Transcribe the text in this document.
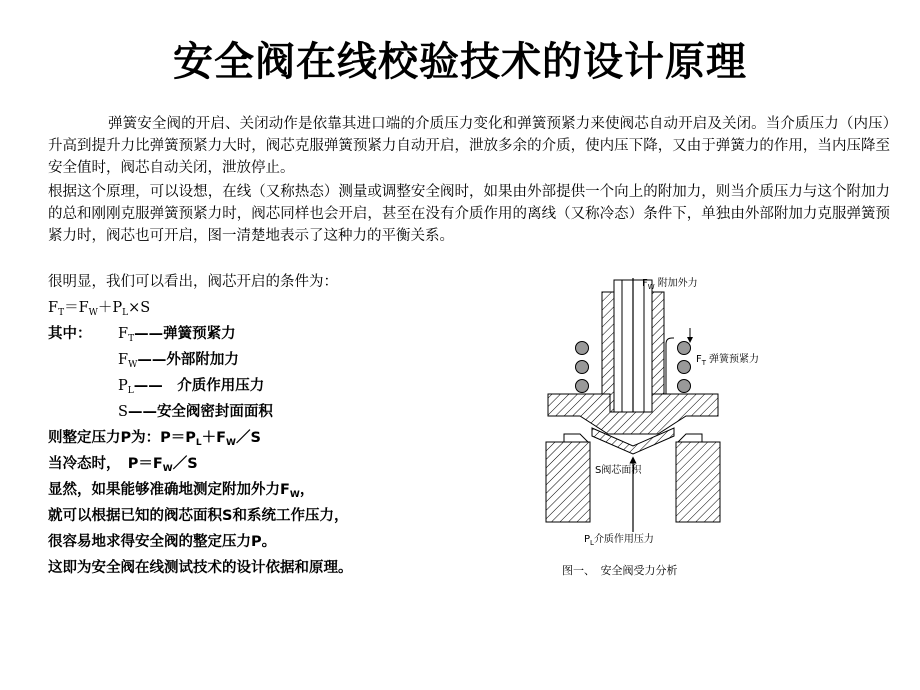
安全阀在线校验技术的设计原理

弹簧安全阀的开启、关闭动作是依靠其进口端的介质压力变化和弹簧预紧力来使阀芯自动开启及关闭。当介质压力（内压）升高到提升力比弹簧预紧力大时，阀芯克服弹簧预紧力自动开启，泄放多余的介质，使内压下降，又由于弹簧力的作用，当内压降至安全值时，阀芯自动关闭，泄放停止。

根据这个原理，可以设想，在线（又称热态）测量或调整安全阀时，如果由外部提供一个向上的附加力，则当介质压力与这个附加力的总和刚刚克服弹簧预紧力时，阀芯同样也会开启，甚至在没有介质作用的离线（又称冷态）条件下，单独由外部附加力克服弹簧预紧力时，阀芯也可开启，图一清楚地表示了这种力的平衡关系。

很明显，我们可以看出，阀芯开启的条件为：

$F_T=F_W+P_L\times S$

其中： $F_T——$弹簧预紧力

$F_W——$外部附加力

$P_L——$　介质作用压力

S——安全阀密封面面积

则整定压力P为：$P=P_L+F_W/S$

当冷态时，　$P=F_W/S$

显然，如果能够准确地测定附加外力$F_W$，

就可以根据已知的阀芯面积S和系统工作压力，

很容易地求得安全阀的整定压力P。

这即为安全阀在线测试技术的设计依据和原理。

$F_W$ 附加外力
$F_T$ 弹簧预紧力
S阀芯面积
$P_L$介质作用压力
图一、　安全阀受力分析
